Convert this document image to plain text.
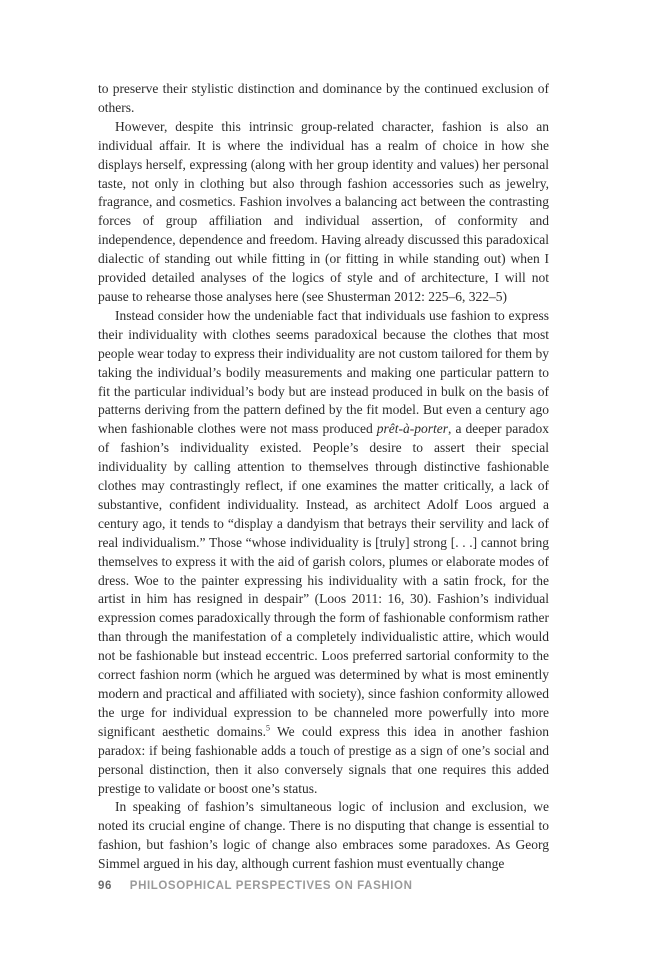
to preserve their stylistic distinction and dominance by the continued exclusion of others.

However, despite this intrinsic group-related character, fashion is also an individual affair. It is where the individual has a realm of choice in how she displays herself, expressing (along with her group identity and values) her personal taste, not only in clothing but also through fashion accessories such as jewelry, fragrance, and cosmetics. Fashion involves a balancing act between the contrasting forces of group affiliation and individual assertion, of conformity and independence, dependence and freedom. Having already discussed this paradoxical dialectic of standing out while fitting in (or fitting in while standing out) when I provided detailed analyses of the logics of style and of architecture, I will not pause to rehearse those analyses here (see Shusterman 2012: 225–6, 322–5)

Instead consider how the undeniable fact that individuals use fashion to express their individuality with clothes seems paradoxical because the clothes that most people wear today to express their individuality are not custom tailored for them by taking the individual’s bodily measurements and making one particular pattern to fit the particular individual’s body but are instead produced in bulk on the basis of patterns deriving from the pattern defined by the fit model. But even a century ago when fashionable clothes were not mass produced prêt-à-porter, a deeper paradox of fashion’s individuality existed. People’s desire to assert their special individuality by calling attention to themselves through distinctive fashionable clothes may contrastingly reflect, if one examines the matter critically, a lack of substantive, confident individuality. Instead, as architect Adolf Loos argued a century ago, it tends to “display a dandyism that betrays their servility and lack of real individualism.” Those “whose individuality is [truly] strong [. . .] cannot bring themselves to express it with the aid of garish colors, plumes or elaborate modes of dress. Woe to the painter expressing his individuality with a satin frock, for the artist in him has resigned in despair” (Loos 2011: 16, 30). Fashion’s individual expression comes paradoxically through the form of fashionable conformism rather than through the manifestation of a completely individualistic attire, which would not be fashionable but instead eccentric. Loos preferred sartorial conformity to the correct fashion norm (which he argued was determined by what is most eminently modern and practical and affiliated with society), since fashion conformity allowed the urge for individual expression to be channeled more powerfully into more significant aesthetic domains.$^5$ We could express this idea in another fashion paradox: if being fashionable adds a touch of prestige as a sign of one’s social and personal distinction, then it also conversely signals that one requires this added prestige to validate or boost one’s status.

In speaking of fashion’s simultaneous logic of inclusion and exclusion, we noted its crucial engine of change. There is no disputing that change is essential to fashion, but fashion’s logic of change also embraces some paradoxes. As Georg Simmel argued in his day, although current fashion must eventually change

96 PHILOSOPHICAL PERSPECTIVES ON FASHION
